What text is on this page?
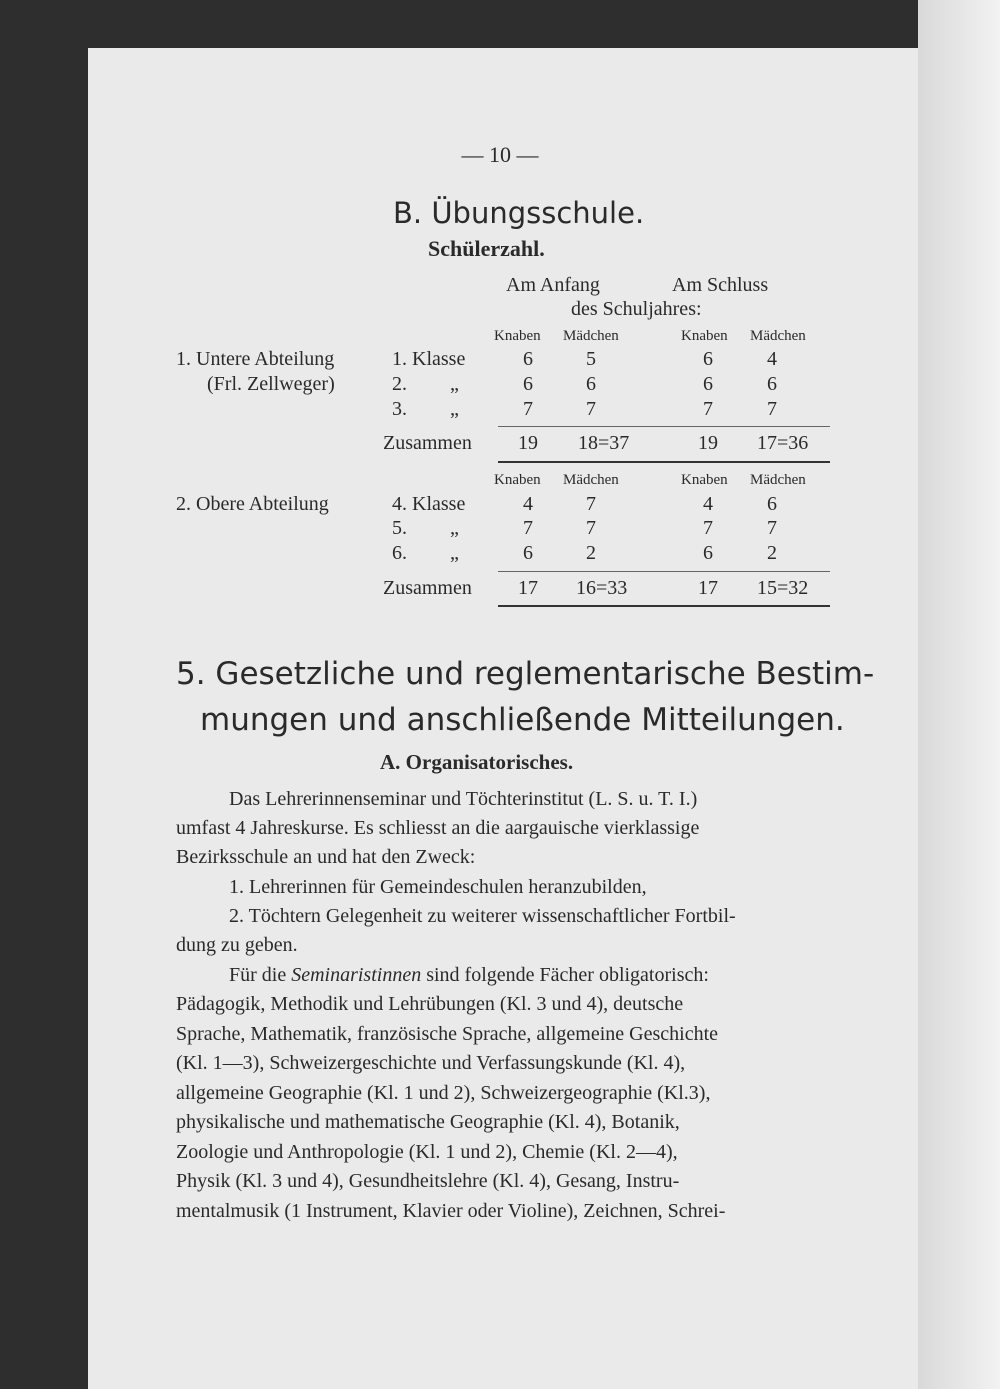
— 10 —
B. Übungsschule.
Schülerzahl.
Am Anfang	Am Schluss
des Schuljahres:
Knaben Mädchen	Knaben Mädchen
1. Untere Abteilung
(Frl. Zellweger)
1. Klasse	6	5	6	4
2. „	6	6	6	6
3. „	7	7	7	7
Zusammen	19	18=37	19	17=36
Knaben Mädchen	Knaben Mädchen
2. Obere Abteilung	4. Klasse	4	7	4	6
5. „	7	7	7	7
6. „	6	2	6	2
Zusammen	17	16=33	17	15=32
5. Gesetzliche und reglementarische Bestim-
mungen und anschließende Mitteilungen.
A. Organisatorisches.
Das Lehrerinnenseminar und Töchterinstitut (L. S. u. T. I.)
umfast 4 Jahreskurse. Es schliesst an die aargauische vierklassige
Bezirksschule an und hat den Zweck:
1. Lehrerinnen für Gemeindeschulen heranzubilden,
2. Töchtern Gelegenheit zu weiterer wissenschaftlicher Fortbil-
dung zu geben.
Für die Seminaristinnen sind folgende Fächer obligatorisch:
Pädagogik, Methodik und Lehrübungen (Kl. 3 und 4), deutsche
Sprache, Mathematik, französische Sprache, allgemeine Geschichte
(Kl. 1—3), Schweizergeschichte und Verfassungskunde (Kl. 4),
allgemeine Geographie (Kl. 1 und 2), Schweizergeographie (Kl.3),
physikalische und mathematische Geographie (Kl. 4), Botanik,
Zoologie und Anthropologie (Kl. 1 und 2), Chemie (Kl. 2—4),
Physik (Kl. 3 und 4), Gesundheitslehre (Kl. 4), Gesang, Instru-
mentalmusik (1 Instrument, Klavier oder Violine), Zeichnen, Schrei-
